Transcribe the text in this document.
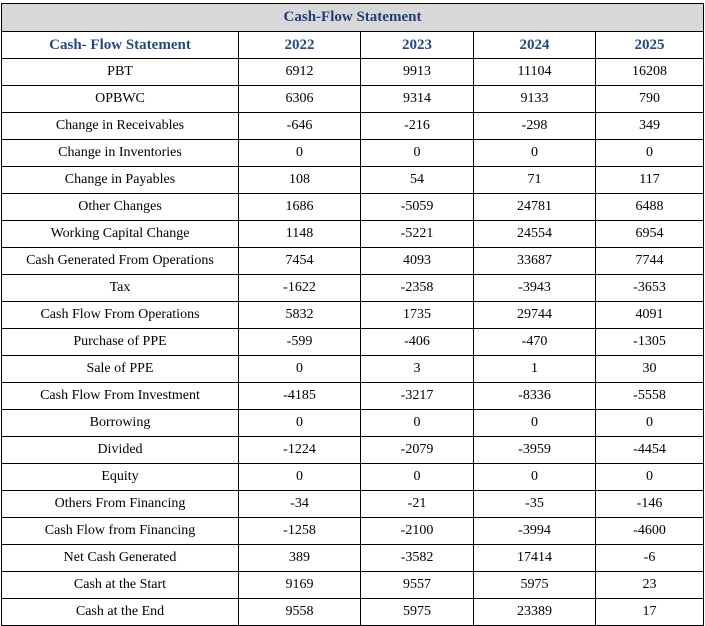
Cash-Flow Statement				
Cash- Flow Statement	2022	2023	2024	2025
PBT	6912	9913	11104	16208
OPBWC	6306	9314	9133	790
Change in Receivables	-646	-216	-298	349
Change in Inventories	0	0	0	0
Change in Payables	108	54	71	117
Other Changes	1686	-5059	24781	6488
Working Capital Change	1148	-5221	24554	6954
Cash Generated From Operations	7454	4093	33687	7744
Tax	-1622	-2358	-3943	-3653
Cash Flow From Operations	5832	1735	29744	4091
Purchase of PPE	-599	-406	-470	-1305
Sale of PPE	0	3	1	30
Cash Flow From Investment	-4185	-3217	-8336	-5558
Borrowing	0	0	0	0
Divided	-1224	-2079	-3959	-4454
Equity	0	0	0	0
Others From Financing	-34	-21	-35	-146
Cash Flow from Financing	-1258	-2100	-3994	-4600
Net Cash Generated	389	-3582	17414	-6
Cash at the Start	9169	9557	5975	23
Cash at the End	9558	5975	23389	17
